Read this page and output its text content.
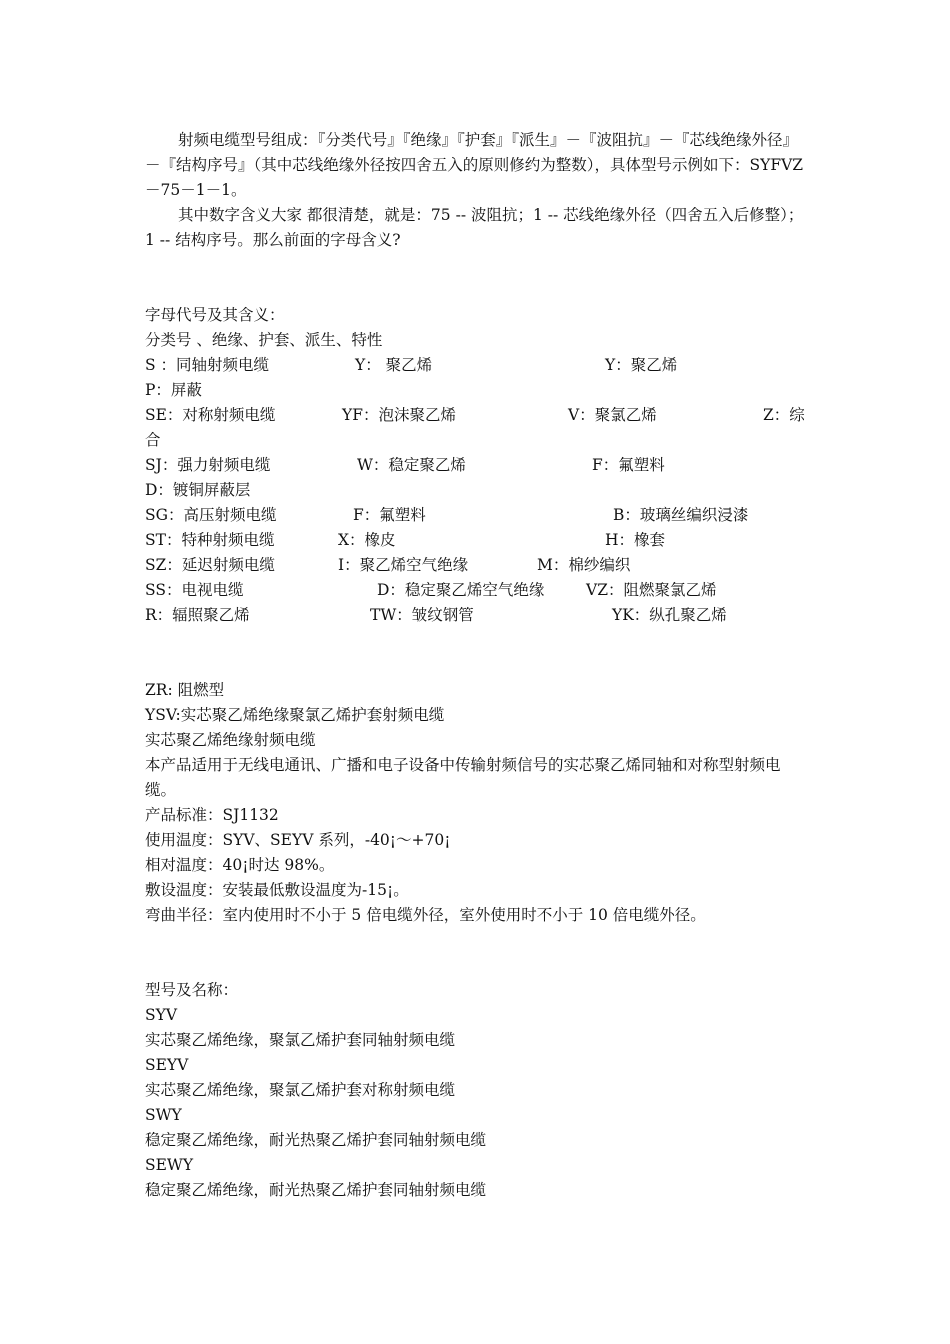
射频电缆型号组成：『分类代号』『绝缘』『护套』『派生』－『波阻抗』－『芯线绝缘外径』－『结构序号』（其中芯线绝缘外径按四舍五入的原则修约为整数），具体型号示例如下：SYFVZ－75－1－1。

其中数字含义大家 都很清楚，就是：75 -- 波阻抗；1 -- 芯线绝缘外径（四舍五入后修整）；1 -- 结构序号。那么前面的字母含义?

字母代号及其含义：

分类号 、绝缘、护套、派生、特性

S ：同轴射频电缆	Y： 聚乙烯	Y：聚乙烯
P：屏蔽
SE：对称射频电缆	YF：泡沫聚乙烯	V：聚氯乙烯	Z：综
合
SJ：强力射频电缆	W：稳定聚乙烯	F：氟塑料
D：镀铜屏蔽层
SG：高压射频电缆	F：氟塑料	B：玻璃丝编织浸漆
ST：特种射频电缆	X：橡皮	H：橡套
SZ：延迟射频电缆	I：聚乙烯空气绝缘	M：棉纱编织
SS：电视电缆	D：稳定聚乙烯空气绝缘	VZ：阻燃聚氯乙烯
R：辐照聚乙烯	TW：皱纹钢管	YK：纵孔聚乙烯

ZR: 阻燃型

YSV:实芯聚乙烯绝缘聚氯乙烯护套射频电缆

实芯聚乙烯绝缘射频电缆

本产品适用于无线电通讯、广播和电子设备中传输射频信号的实芯聚乙烯同轴和对称型射频电缆。

产品标准：SJ1132

使用温度：SYV、SEYV 系列，-40¡～+70¡

相对温度：40¡时达 98%。

敷设温度：安装最低敷设温度为-15¡。

弯曲半径：室内使用时不小于 5 倍电缆外径，室外使用时不小于 10 倍电缆外径。

型号及名称：

SYV

实芯聚乙烯绝缘，聚氯乙烯护套同轴射频电缆

SEYV

实芯聚乙烯绝缘，聚氯乙烯护套对称射频电缆

SWY

稳定聚乙烯绝缘，耐光热聚乙烯护套同轴射频电缆

SEWY

稳定聚乙烯绝缘，耐光热聚乙烯护套同轴射频电缆
